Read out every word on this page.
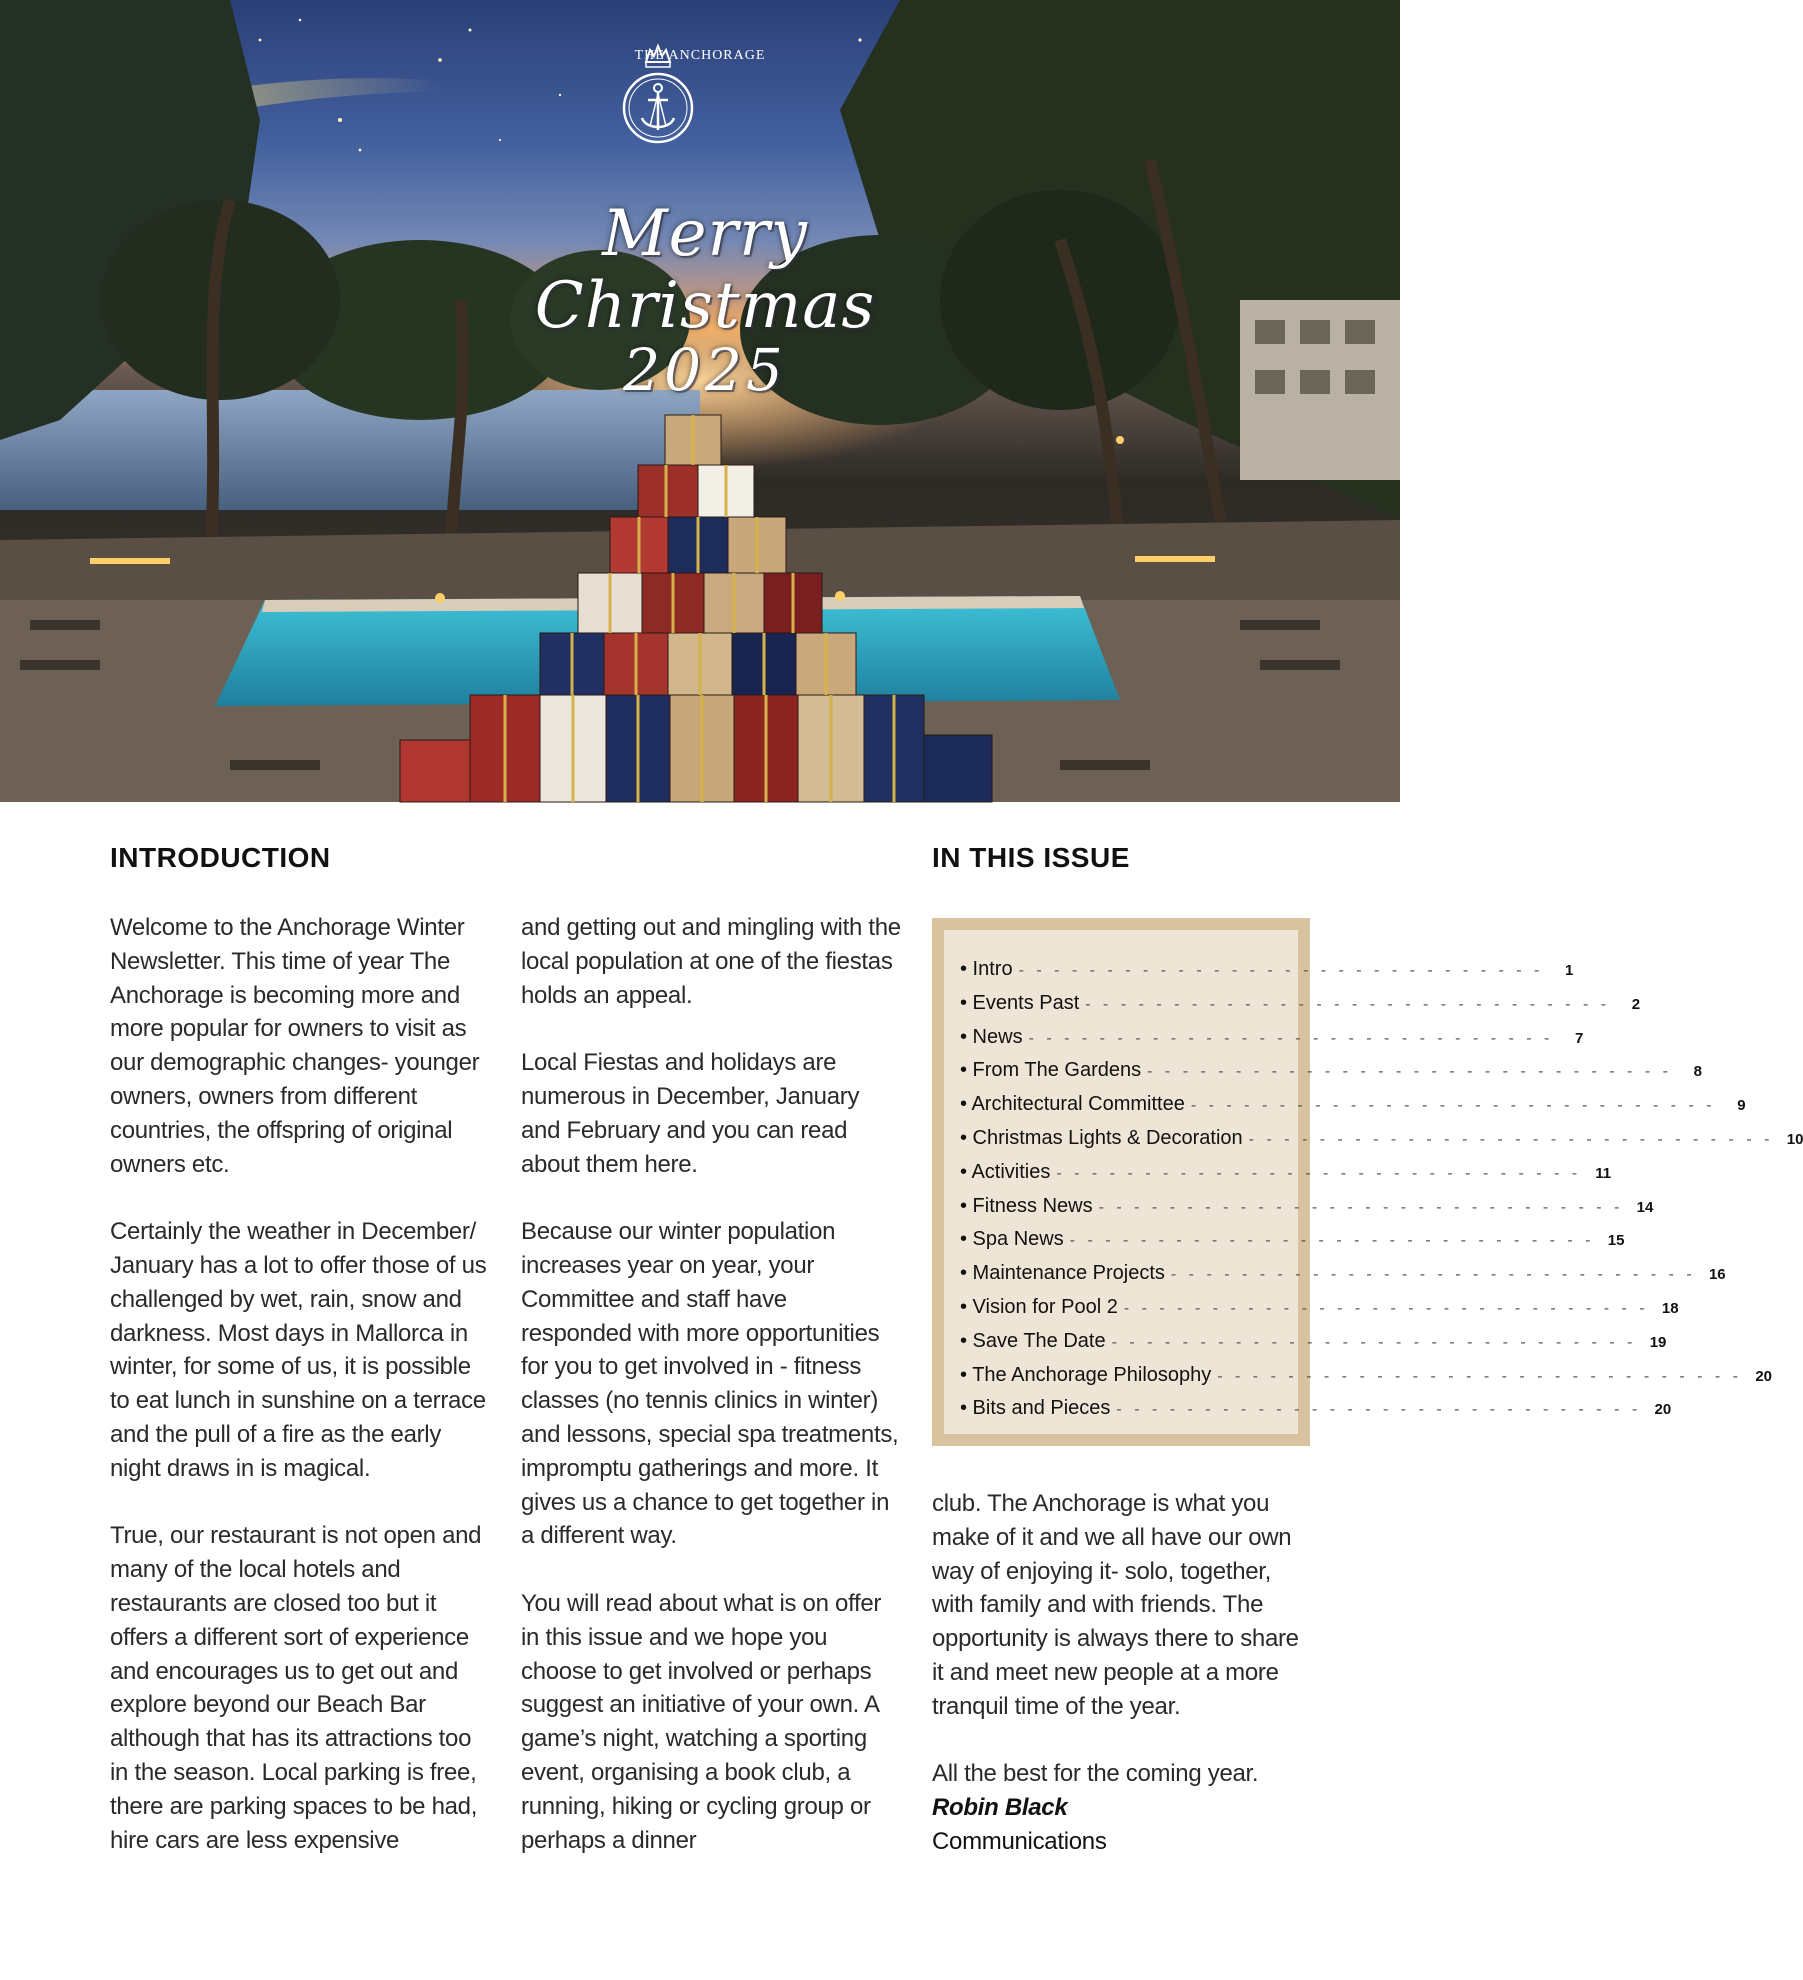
THE ANCHORAGE
Merry Christmas
2025
INTRODUCTION	IN THIS ISSUE

Welcome to the Anchorage Winter Newsletter. This time of year The Anchorage is becoming more and more popular for owners to visit as our demographic changes- younger owners, owners from different countries, the offspring of original owners etc.

Certainly the weather in December/ January has a lot to offer those of us challenged by wet, rain, snow and darkness. Most days in Mallorca in winter, for some of us, it is possible to eat lunch in sunshine on a terrace and the pull of a fire as the early night draws in is magical.

True, our restaurant is not open and many of the local hotels and restaurants are closed too but it offers a different sort of experience and encourages us to get out and explore beyond our Beach Bar although that has its attractions too in the season. Local parking is free, there are parking spaces to be had, hire cars are less expensive

and getting out and mingling with the local population at one of the fiestas holds an appeal.

Local Fiestas and holidays are numerous in December, January and February and you can read about them here.

Because our winter population increases year on year, your Committee and staff have responded with more opportunities for you to get involved in - fitness classes (no tennis clinics in winter) and lessons, special spa treatments, impromptu gatherings and more. It gives us a chance to get together in a different way.

You will read about what is on offer in this issue and we hope you choose to get involved or perhaps suggest an initiative of your own. A game’s night, watching a sporting event, organising a book club, a running, hiking or cycling group or perhaps a dinner

• Intro - - - - - - - - - - - - - - - - - - - - - - - - - - - - - -	1
• Events Past - - - - - - - - - - - - - - - - - - - - - - - - - - - - - -	2
• News - - - - - - - - - - - - - - - - - - - - - - - - - - - - - -	7
• From The Gardens - - - - - - - - - - - - - - - - - - - - - - - - - - - - - -	8
• Architectural Committee - - - - - - - - - - - - - - - - - - - - - - - - - - - - - -	9
• Christmas Lights & Decoration - - - - - - - - - - - - - - - - - - - - - - - - - - - - - - 10
• Activities - - - - - - - - - - - - - - - - - - - - - - - - - - - - - - 11
• Fitness News - - - - - - - - - - - - - - - - - - - - - - - - - - - - - - 14
• Spa News - - - - - - - - - - - - - - - - - - - - - - - - - - - - - - 15
• Maintenance Projects - - - - - - - - - - - - - - - - - - - - - - - - - - - - - - 16
• Vision for Pool 2 - - - - - - - - - - - - - - - - - - - - - - - - - - - - - - 18
• Save The Date - - - - - - - - - - - - - - - - - - - - - - - - - - - - - - 19
• The Anchorage Philosophy - - - - - - - - - - - - - - - - - - - - - - - - - - - - - - 20
• Bits and Pieces - - - - - - - - - - - - - - - - - - - - - - - - - - - - - - 20

club. The Anchorage is what you make of it and we all have our own way of enjoying it- solo, together, with family and with friends. The opportunity is always there to share it and meet new people at a more tranquil time of the year.

All the best for the coming year.
Robin Black
Communications
